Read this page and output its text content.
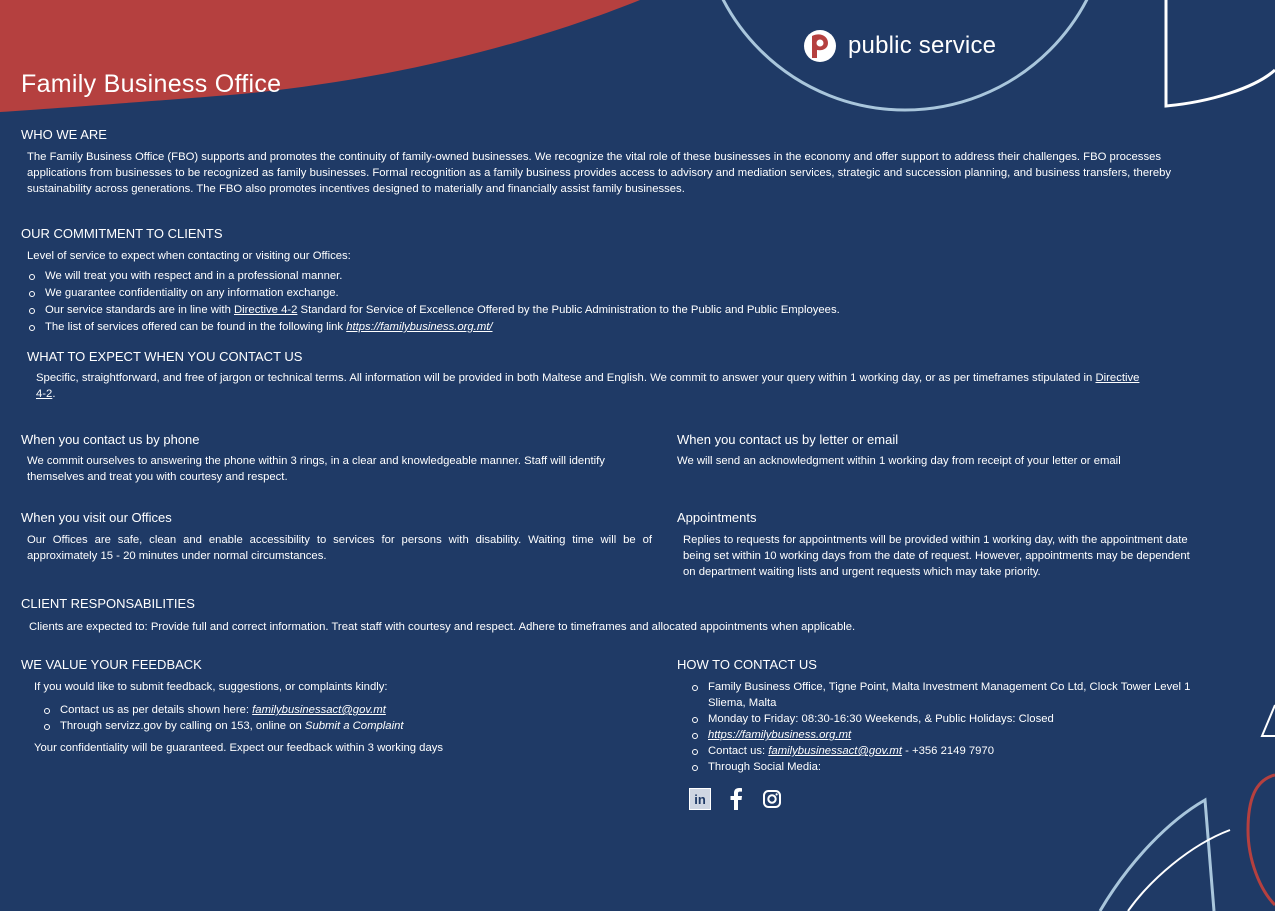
public service
Family Business Office
WHO WE ARE

The Family Business Office (FBO) supports and promotes the continuity of family-owned businesses. We recognize the vital role of these businesses in the economy and offer support to address their challenges. FBO processes applications from businesses to be recognized as family businesses. Formal recognition as a family business provides access to advisory and mediation services, strategic and succession planning, and business transfers, thereby sustainability across generations. The FBO also promotes incentives designed to materially and financially assist family businesses.

OUR COMMITMENT TO CLIENTS

Level of service to expect when contacting or visiting our Offices:

We will treat you with respect and in a professional manner.
We guarantee confidentiality on any information exchange.
Our service standards are in line with Directive 4-2 Standard for Service of Excellence Offered by the Public Administration to the Public and Public Employees.
The list of services offered can be found in the following link https://familybusiness.org.mt/
WHAT TO EXPECT WHEN YOU CONTACT US

Specific, straightforward, and free of jargon or technical terms. All information will be provided in both Maltese and English. We commit to answer your query within 1 working day, or as per timeframes stipulated in Directive 4-2.

When you contact us by phone

We commit ourselves to answering the phone within 3 rings, in a clear and knowledgeable manner. Staff will identify themselves and treat you with courtesy and respect.

When you contact us by letter or email

We will send an acknowledgment within 1 working day from receipt of your letter or email

When you visit our Offices

Our Offices are safe, clean and enable accessibility to services for persons with disability. Waiting time will be of approximately 15 - 20 minutes under normal circumstances.

Appointments

Replies to requests for appointments will be provided within 1 working day, with the appointment date being set within 10 working days from the date of request. However, appointments may be dependent on department waiting lists and urgent requests which may take priority.

CLIENT RESPONSABILITIES

Clients are expected to: Provide full and correct information. Treat staff with courtesy and respect. Adhere to timeframes and allocated appointments when applicable.

WE VALUE YOUR FEEDBACK

If you would like to submit feedback, suggestions, or complaints kindly:

Contact us as per details shown here: familybusinessact@gov.mt
Through servizz.gov by calling on 153, online on Submit a Complaint

Your confidentiality will be guaranteed. Expect our feedback within 3 working days

HOW TO CONTACT US
Family Business Office, Tigne Point, Malta Investment Management Co Ltd, Clock Tower Level 1 Sliema, Malta
Monday to Friday: 08:30-16:30 Weekends, & Public Holidays: Closed
https://familybusiness.org.mt
Contact us: familybusinessact@gov.mt - +356 2149 7970
Through Social Media:
in
